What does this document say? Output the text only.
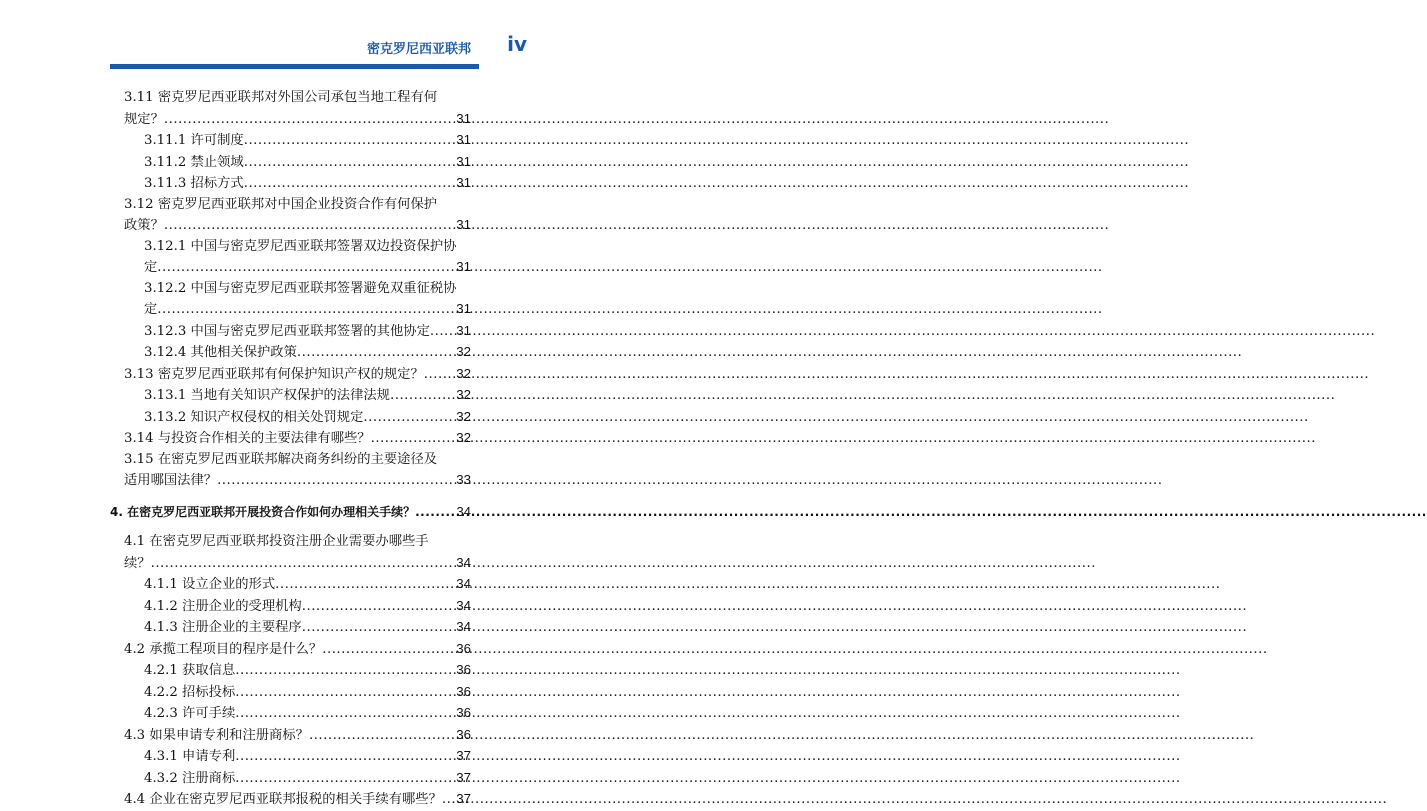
密克罗尼西亚联邦 iv
3.11 密克罗尼西亚联邦对外国公司承包当地工程有何
规定？ .....	31
3.11.1 许可制度 .....	31
3.11.2 禁止领域 .....	31
3.11.3 招标方式 .....	31
3.12 密克罗尼西亚联邦对中国企业投资合作有何保护
政策？ .....	31
3.12.1 中国与密克罗尼西亚联邦签署双边投资保护协
定 .....	31
3.12.2 中国与密克罗尼西亚联邦签署避免双重征税协
定 .....	31
3.12.3 中国与密克罗尼西亚联邦签署的其他协定 ..... 31
3.12.4 其他相关保护政策 .....	32
3.13 密克罗尼西亚联邦有何保护知识产权的规定？ ..... 32
3.13.1 当地有关知识产权保护的法律法规 .....	32
3.13.2 知识产权侵权的相关处罚规定 .....	32
3.14 与投资合作相关的主要法律有哪些？ .....	32
3.15 在密克罗尼西亚联邦解决商务纠纷的主要途径及
适用哪国法律？ .....	33
4. 在密克罗尼西亚联邦开展投资合作如何办理相关手续？ .....	34
4.1 在密克罗尼西亚联邦投资注册企业需要办哪些手
续？ .....	34
4.1.1 设立企业的形式 .....	34
4.1.2 注册企业的受理机构 .....	34
4.1.3 注册企业的主要程序 .....	34
4.2 承揽工程项目的程序是什么？ .....	36
4.2.1 获取信息 .....	36
4.2.2 招标投标 .....	36
4.2.3 许可手续 .....	36
4.3 如果申请专利和注册商标？ .....	36
4.3.1 申请专利 .....	37
4.3.2 注册商标 .....	37
4.4 企业在密克罗尼西亚联邦报税的相关手续有哪些？ ..... 37
